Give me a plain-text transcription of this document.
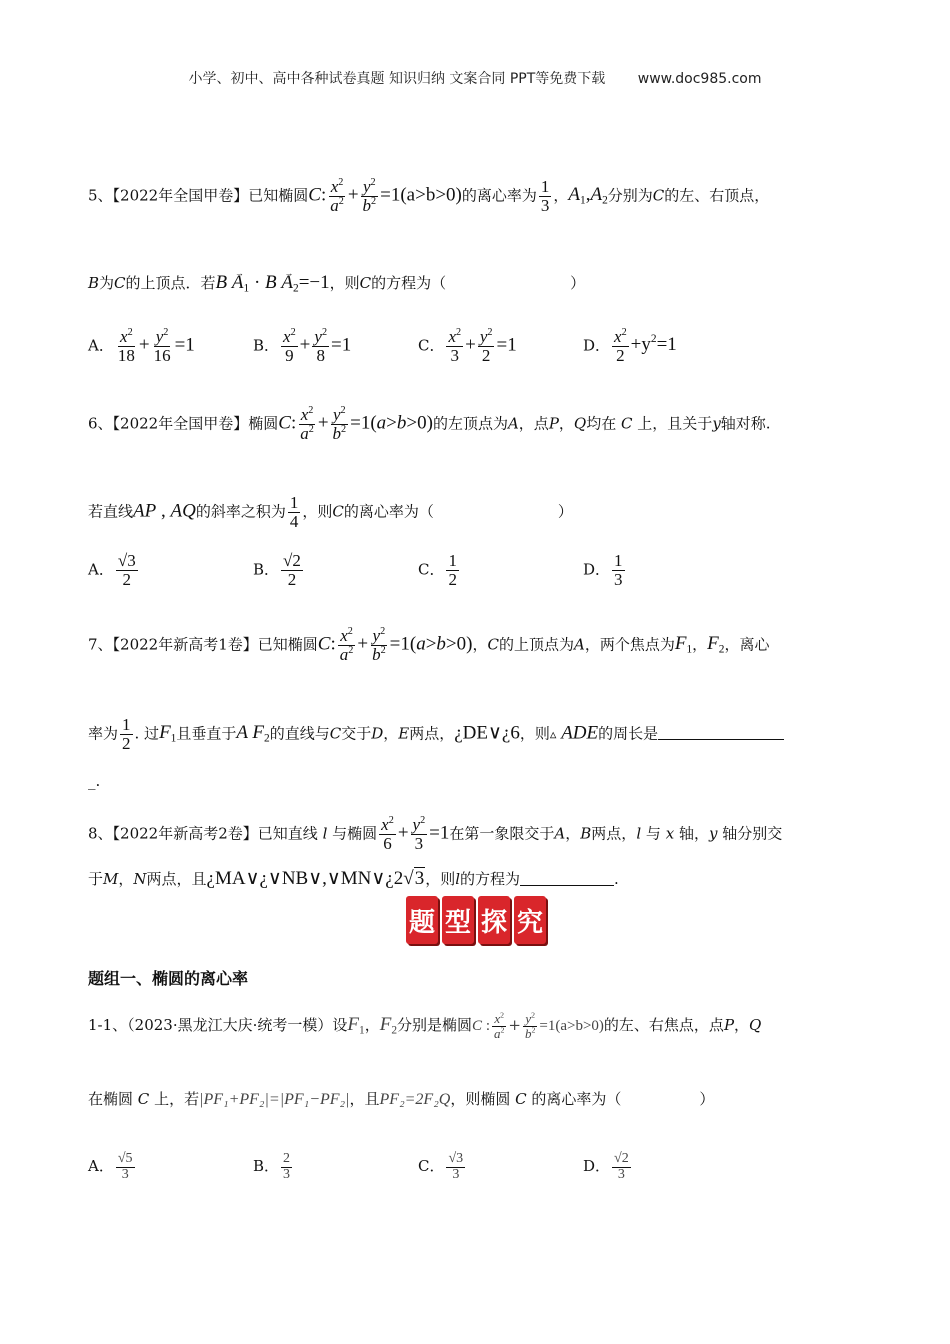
小学、初中、高中各种试卷真题 知识归纳 文案合同 PPT等免费下载 www.doc985.com
5、【2022年全国甲卷】已知椭圆C: $\frac{x^2}{a^2} + \frac{y^2}{b^2} =1(a>b>0)$的离心率为 $\frac{1}{3}$ ，$A_1,A_2$分别为C的左、右顶点，
B为C的上顶点．若$B \to A_1 \cdot B \to A_2=-1$，则C的方程为（	）
A． $\frac{x^2}{18} + \frac{y^2}{16} =1$	B． $\frac{x^2}{9} + \frac{y^2}{8} =1$	C． $\frac{x^2}{3} + \frac{y^2}{2} =1$	D． $\frac{x^2}{2} +y^2=1$
6、【2022年全国甲卷】椭圆C: $\frac{x^2}{a^2} + \frac{y^2}{b^2} =1(a>b>0)$的左顶点为A，点P，Q均在 C 上，且关于y轴对称.
若直线AP , AQ的斜率之积为 $\frac{1}{4}$ ，则C的离心率为（	）
A． $\frac{√3}{2}$	B． $\frac{√2}{2}$	C． $\frac{1}{2}$	D． $\frac{1}{3}$
7、【2022年新高考1卷】已知椭圆C: $\frac{x^2}{a^2} + \frac{y^2}{b^2} =1(a>b>0)$，C的上顶点为A，两个焦点为$F_1$，$F_2$，离心
率为 $\frac{1}{2}$ . 过$F_1$且垂直于A $F_2$的直线与C交于D，E两点，¿DE∨¿6，则▵ ADE的周长是
_.
8、【2022年新高考2卷】已知直线 l 与椭圆 $\frac{x^2}{6} + \frac{y^2}{3} =1$在第一象限交于A，B两点，l 与 x 轴，y 轴分别交
于M，N两点，且¿MA∨¿∨NB∨,∨MN∨¿2√3，则l的方程为	.
题 型 探 究
题组一、椭圆的离心率
1-1、（2023·黑龙江大庆·统考一模）设$F_1$，$F_2$分别是椭圆C : $\frac{x^2}{a^2} + \frac{y^2}{b^2} =1(a>b>0)$的左、右焦点，点P，Q
在椭圆 C 上，若|PF₁+PF₂|=|PF₁−PF₂|，且PF₂=2F₂Q，则椭圆 C 的离心率为（	）
A． $\frac{√5}{3}$	B． $\frac{2}{3}$	C． $\frac{√3}{3}$	D． $\frac{√2}{3}$
